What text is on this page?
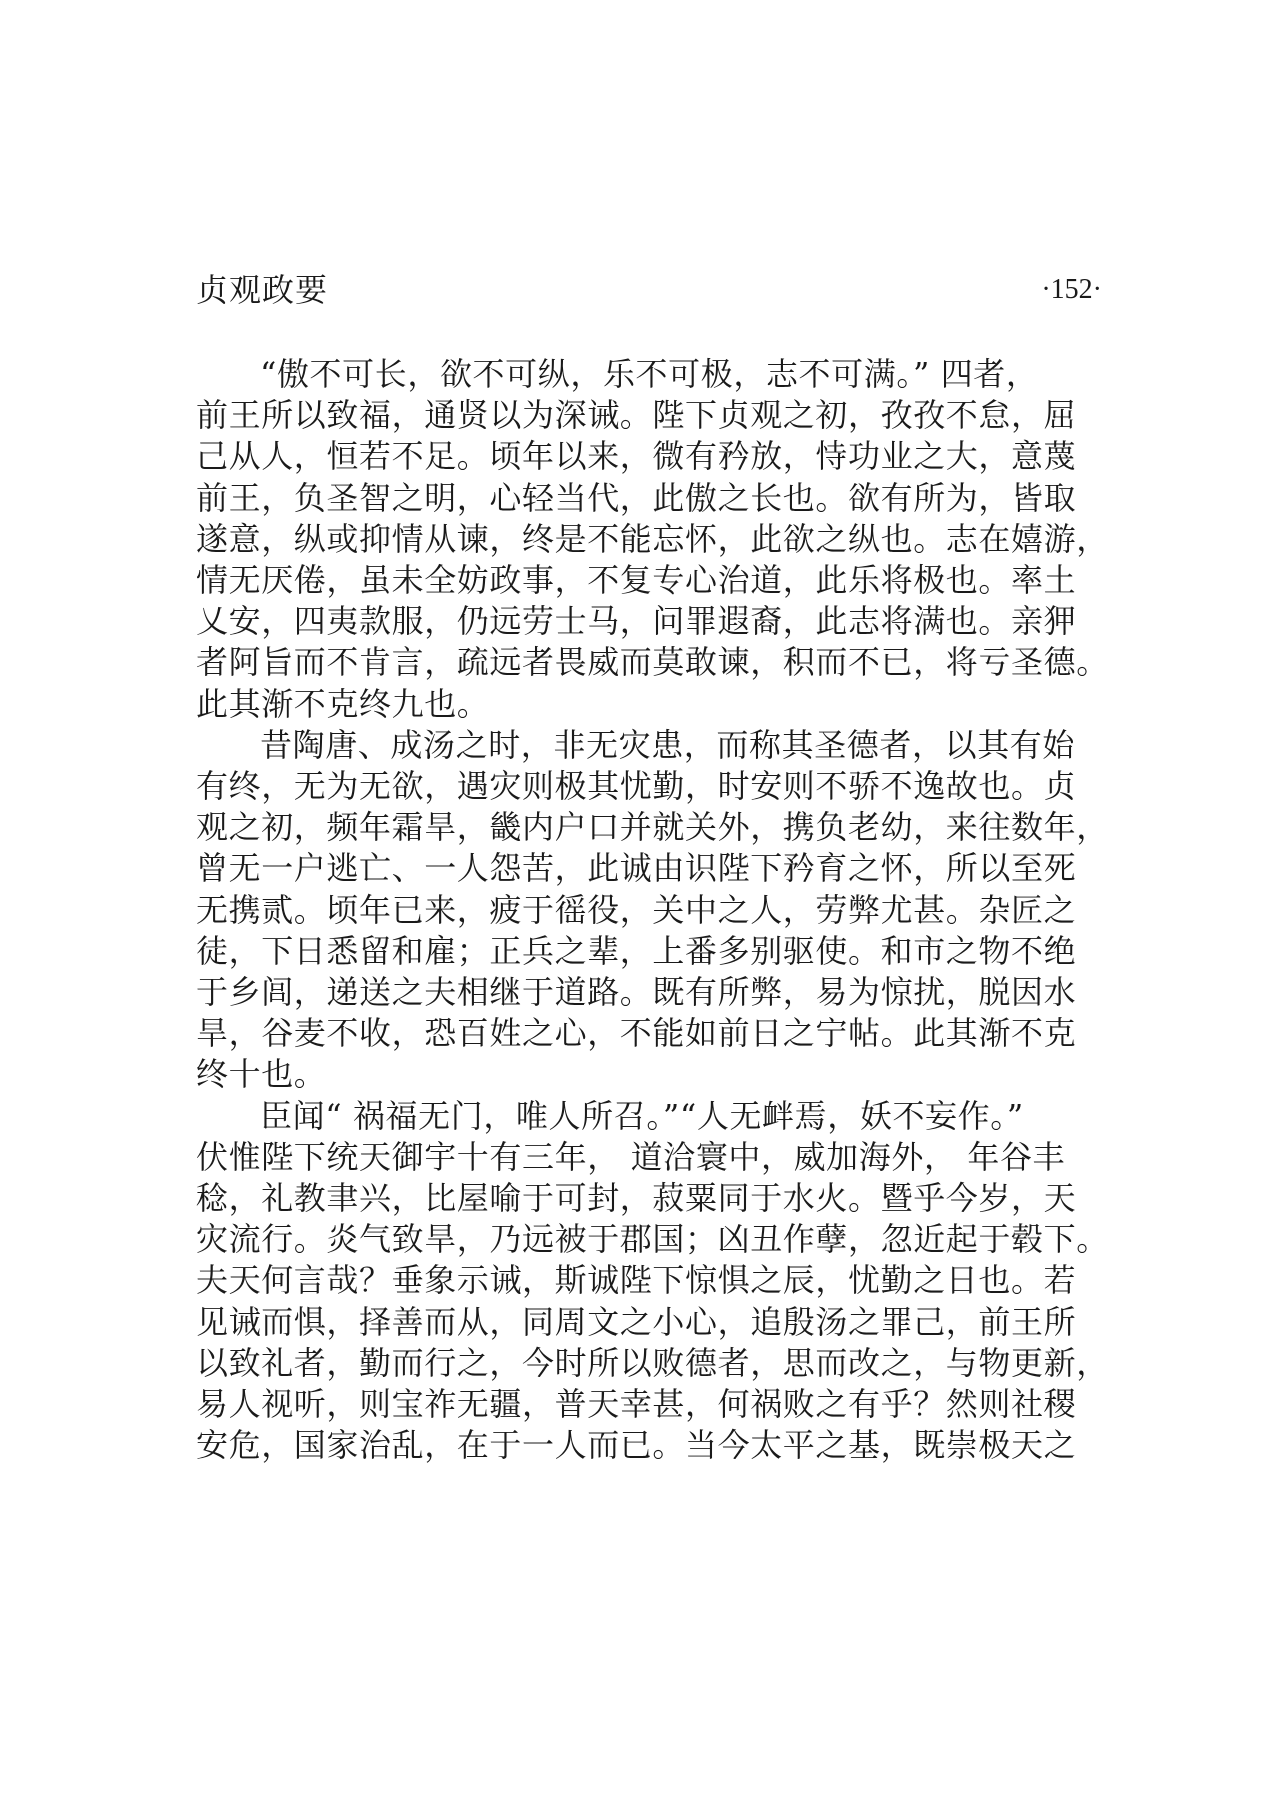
贞观政要	·152·

“傲不可长，欲不可纵，乐不可极，志不可满。” 四者，
前王所以致福，通贤以为深诫。陛下贞观之初，孜孜不怠，屈
己从人，恒若不足。顷年以来，微有矜放，恃功业之大，意蔑
前王，负圣智之明，心轻当代，此傲之长也。欲有所为，皆取
遂意，纵或抑情从谏，终是不能忘怀，此欲之纵也。志在嬉游，
情无厌倦，虽未全妨政事，不复专心治道，此乐将极也。率土
乂安，四夷款服，仍远劳士马，问罪遐裔，此志将满也。亲狎
者阿旨而不肯言，疏远者畏威而莫敢谏，积而不已，将亏圣德。
此其渐不克终九也。

昔陶唐、成汤之时，非无灾患，而称其圣德者，以其有始
有终，无为无欲，遇灾则极其忧勤，时安则不骄不逸故也。贞
观之初，频年霜旱，畿内户口并就关外，携负老幼，来往数年，
曾无一户逃亡、一人怨苦，此诚由识陛下矜育之怀，所以至死
无携贰。顷年已来，疲于徭役，关中之人，劳弊尤甚。杂匠之
徒，下日悉留和雇；正兵之辈，上番多别驱使。和市之物不绝
于乡闾，递送之夫相继于道路。既有所弊，易为惊扰，脱因水
旱，谷麦不收，恐百姓之心，不能如前日之宁帖。此其渐不克
终十也。

臣闻“ 祸福无门，唯人所召。”“人无衅焉，妖不妄作。”
伏惟陛下统天御宇十有三年， 道洽寰中，威加海外， 年谷丰
稔，礼教聿兴，比屋喻于可封，菽粟同于水火。暨乎今岁，天
灾流行。炎气致旱，乃远被于郡国；凶丑作孽，忽近起于毂下。
夫天何言哉？垂象示诫，斯诚陛下惊惧之辰，忧勤之日也。若
见诫而惧，择善而从，同周文之小心，追殷汤之罪己，前王所
以致礼者，勤而行之，今时所以败德者，思而改之，与物更新，
易人视听，则宝祚无疆，普天幸甚，何祸败之有乎？然则社稷
安危，国家治乱，在于一人而已。当今太平之基，既崇极天之
